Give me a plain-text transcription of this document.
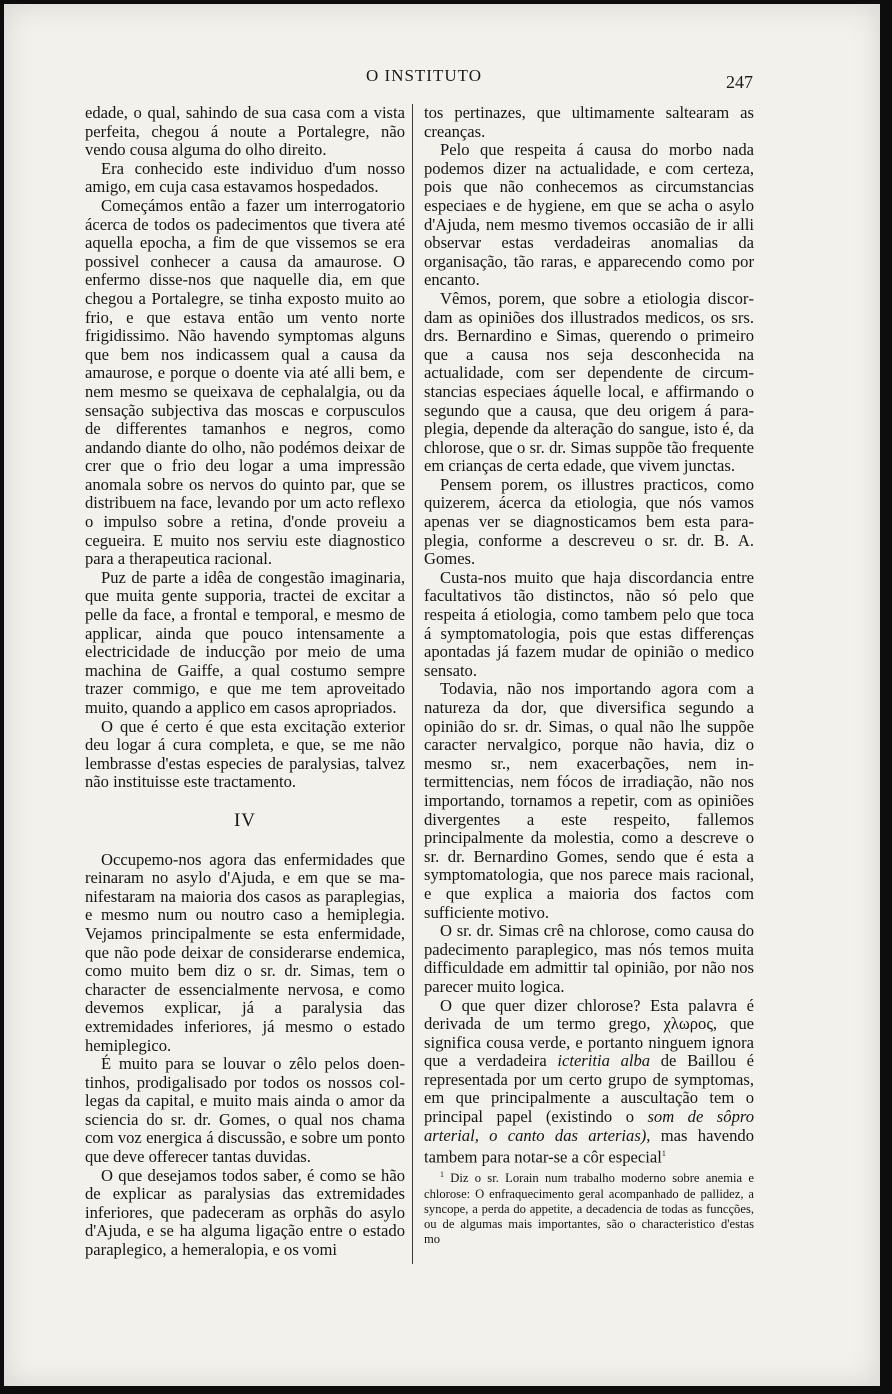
O INSTITUTO	247

edade, o qual, sahindo de sua casa com a vista perfeita, chegou á noute a Portalegre, não vendo cousa alguma do olho direito.

Era conhecido este individuo d'um nosso amigo, em cuja casa estavamos hospedados.

Começámos então a fazer um interrogatorio ácerca de todos os padecimentos que tivera até aquella epocha, a fim de que vissemos se era possivel conhecer a causa da amaurose. O enfermo disse-nos que naquelle dia, em que chegou a Portalegre, se tinha exposto muito ao frio, e que estava então um vento norte frigidissimo. Não havendo symptomas alguns que bem nos indicassem qual a causa da amaurose, e porque o doente via até alli bem, e nem mesmo se queixava de cephalalgia, ou da sensação subjectiva das moscas e corpusculos de differentes tamanhos e negros, como andando diante do olho, não podémos deixar de crer que o frio deu logar a uma impressão anomala sobre os nervos do quinto par, que se distribuem na face, levando por um acto reflexo o impulso sobre a retina, d'onde proveiu a cegueira. E muito nos serviu este diagnostico para a therapeutica racional.

Puz de parte a idêa de congestão imaginaria, que muita gente supporia, tractei de excitar a pelle da face, a frontal e temporal, e mesmo de applicar, ainda que pouco intensamente a electricidade de inducção por meio de uma machina de Gaiffe, a qual costumo sempre trazer commigo, e que me tem aproveitado muito, quando a applico em casos apropriados.

O que é certo é que esta excitação exterior deu logar á cura completa, e que, se me não lembrasse d'estas especies de paralysias, talvez não instituisse este tractamento.

IV

Occupemo-nos agora das enfermidades que reinaram no asylo d'Ajuda, e em que se manifestaram na maioria dos casos as paraplegias, e mesmo num ou noutro caso a hemiplegia. Vejamos principalmente se esta enfermidade, que não pode deixar de considerarse endemica, como muito bem diz o sr. dr. Simas, tem o character de essencialmente nervosa, e como devemos explicar, já a paralysia das extremidades inferiores, já mesmo o estado hemiplegico.

É muito para se louvar o zêlo pelos doentinhos, prodigalisado por todos os nossos collegas da capital, e muito mais ainda o amor da sciencia do sr. dr. Gomes, o qual nos chama com voz energica á discussão, e sobre um ponto que deve offerecer tantas duvidas.

O que desejamos todos saber, é como se hão de explicar as paralysias das extremidades inferiores, que padeceram as orphãs do asylo d'Ajuda, e se ha alguma ligação entre o estado paraplegico, a hemeralopia, e os vomi

tos pertinazes, que ultimamente saltearam as creanças.

Pelo que respeita á causa do morbo nada podemos dizer na actualidade, e com certeza, pois que não conhecemos as circumstancias especiaes e de hygiene, em que se acha o asylo d'Ajuda, nem mesmo tivemos occasião de ir alli observar estas verdadeiras anomalias da organisação, tão raras, e apparecendo como por encanto.

Vêmos, porem, que sobre a etiologia discordam as opiniões dos illustrados medicos, os srs. drs. Bernardino e Simas, querendo o primeiro que a causa nos seja desconhecida na actualidade, com ser dependente de circumstancias especiaes áquelle local, e affirmando o segundo que a causa, que deu origem á paraplegia, depende da alteração do sangue, isto é, da chlorose, que o sr. dr. Simas suppõe tão frequente em crianças de certa edade, que vivem junctas.

Pensem porem, os illustres practicos, como quizerem, ácerca da etiologia, que nós vamos apenas ver se diagnosticamos bem esta paraplegia, conforme a descreveu o sr. dr. B. A. Gomes.

Custa-nos muito que haja discordancia entre facultativos tão distinctos, não só pelo que respeita á etiologia, como tambem pelo que toca á symptomatologia, pois que estas differenças apontadas já fazem mudar de opinião o medico sensato.

Todavia, não nos importando agora com a natureza da dor, que diversifica segundo a opinião do sr. dr. Simas, o qual não lhe suppõe caracter nervalgico, porque não havia, diz o mesmo sr., nem exacerbações, nem intermittencias, nem fócos de irradiação, não nos importando, tornamos a repetir, com as opiniões divergentes a este respeito, fallemos principalmente da molestia, como a descreve o sr. dr. Bernardino Gomes, sendo que é esta a symptomatologia, que nos parece mais racional, e que explica a maioria dos factos com sufficiente motivo.

O sr. dr. Simas crê na chlorose, como causa do padecimento paraplegico, mas nós temos muita difficuldade em admittir tal opinião, por não nos parecer muito logica.

O que quer dizer chlorose? Esta palavra é derivada de um termo grego, χλωρος, que significa cousa verde, e portanto ninguem ignora que a verdadeira icteritia alba de Baillou é representada por um certo grupo de symptomas, em que principalmente a auscultação tem o principal papel (existindo o som de sôpro arterial, o canto das arterias), mas havendo tambem para notar-se a côr especial$^1$

$^1$ Diz o sr. Lorain num trabalho moderno sobre anemia e chlorose: O enfraquecimento geral acompanhado de pallidez, a syncope, a perda do appetite, a decadencia de todas as funcções, ou de algumas mais importantes, são o characteristico d'estas mo
